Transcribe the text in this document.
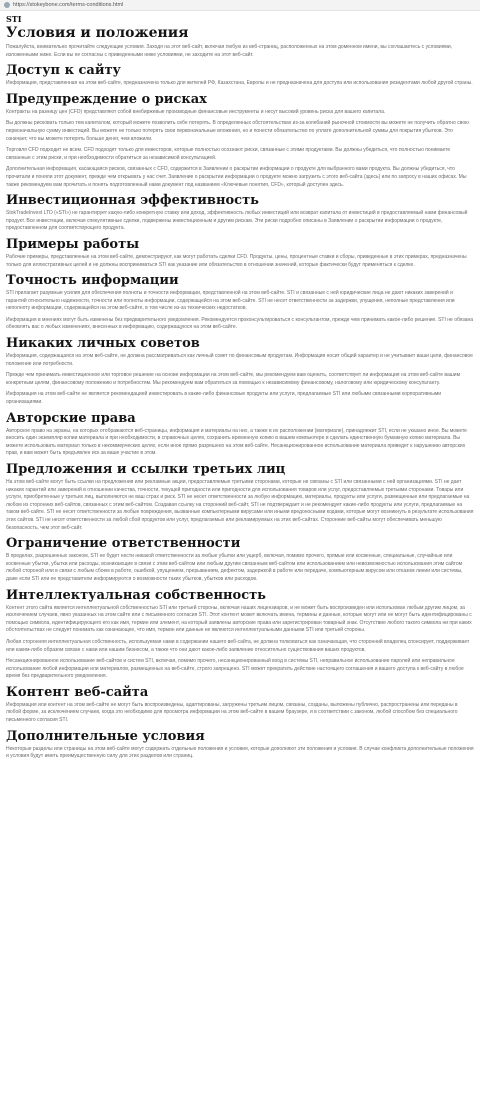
https://stokeybone.com/terms-conditions.html
STI
Условия и положения

Пожалуйста, внимательно прочитайте следующие условия. Заходя на этот веб-сайт, включая любую из веб-страниц, расположенных на этом доменном имени, вы соглашаетесь с условиями, изложенными ниже. Если вы не согласны с приведенными ниже условиями, не заходите на этот веб-сайт.

Доступ к сайту

Информация, представленная на этом веб-сайте, предназначена только для жителей РФ, Казахстана, Европы и не предназначена для доступа или использования резидентами любой другой страны.

Предупреждение о рисках

Контракты на разницу цен (CFD) представляют собой внебиржевые производные финансовые инструменты и несут высокий уровень риска для вашего капитала.

Вы должны рисковать только тем капиталом, который можете позволить себе потерять. В определенных обстоятельствах из-за колебаний рыночной стоимости вы можете не получить обратно свою первоначальную сумму инвестиций. Вы можете не только потерять свои первоначальные вложения, но и понести обязательство по уплате дополнительной суммы для покрытия убытков. Это означает, что вы можете потерять больше денег, чем вложили.

Торговля CFD подходит не всем. CFD подходят только для инвесторов, которые полностью осознают риски, связанные с этими продуктами. Вы должны убедиться, что полностью понимаете связанные с этим риски, и при необходимости обратиться за независимой консультацией.

Дополнительная информация, касающаяся рисков, связанных с CFD, содержится в Заявлении о раскрытии информации о продукте для выбранного вами продукта. Вы должны убедиться, что прочитали и поняли этот документ, прежде чем открывать у нас счет. Заявление о раскрытии информации о продукте можно загрузить с этого веб-сайта (здесь) или по запросу в наших офисах. Мы также рекомендуем вам прочитать и понять подготовленный нами документ под названием «Ключевые понятия, CFD», который доступен здесь.

Инвестиционная эффективность

StokTradeInvest LTD («STI») не гарантирует какую-либо конкретную ставку или доход, эффективность любых инвестиций или возврат капитала от инвестиций в предоставляемый нами финансовый продукт. Все инвестиции, включая спекулятивные сделки, подвержены инвестиционным и другим рискам. Эти риски подробно описаны в Заявлении о раскрытии информации о продукте, предоставленном для соответствующего продукта.

Примеры работы

Рабочие примеры, представленные на этом веб-сайте, демонстрируют, как могут работать сделки CFD. Продукты, цены, процентные ставки и сборы, приведенные в этих примерах, предназначены только для иллюстративных целей и не должны восприниматься STI как указание или обязательство в отношении значений, которые фактически будут применяться к сделке.

Точность информации

STI прилагает разумные усилия для обеспечения полноты и точности информации, представленной на этом веб-сайте. STI и связанные с ней юридические лица не дают никаких заверений и гарантий относительно надежности, точности или полноты информации, содержащейся на этом веб-сайте. STI не несет ответственности за задержки, упущения, неполные представления или неполноту информации, содержащейся на этом веб-сайте, в том числе из-за технических недостатков.

Информация в мнениях могут быть изменены без предварительного уведомления. Рекомендуется проконсультироваться с консультантом, прежде чем принимать какое-либо решение. STI не обязана обновлять вас о любых изменениях, внесенных в информацию, содержащуюся на этом веб-сайте.

Никаких личных советов

Информация, содержащаяся на этом веб-сайте, не должна рассматриваться как личный совет по финансовым продуктам. Информация носит общий характер и не учитывает ваши цели, финансовое положение или потребности.

Прежде чем принимать инвестиционное или торговое решение на основе информации на этом веб-сайте, мы рекомендуем вам оценить, соответствует ли информация на этом веб-сайте вашим конкретным целям, финансовому положению и потребностям. Мы рекомендуем вам обратиться за помощью к независимому финансовому, налоговому или юридическому консультанту.

Информация на этом веб-сайте не является рекомендацией инвестировать в какие-либо финансовые продукты или услуги, предлагаемые STI или любыми связанными корпоративными организациями.

Авторские права

Авторское право на экраны, на которых отображаются веб-страницы, информация и материалы на них, а также в их расположении (материале), принадлежит STI, если не указано иное. Вы можете вносить один экземпляр копии материала и при необходимости, в справочных целях, сохранить временную копию в вашем компьютере и сделать единственную бумажную копию материала. Вы можете использовать материал только в некоммерческих целях, если иное прямо разрешено на этом веб-сайте. Несанкционированное использование материала приведет к нарушению авторских прав, и вам может быть предъявлен иск за ваше участие в этом.

Предложения и ссылки третьих лиц

На этом веб-сайте могут быть ссылки на предложения или рекламные акции, предоставляемые третьими сторонами, которые не связаны с STI или связанными с ней организациями. STI не дает никаких гарантий или заверений в отношении качества, точности, текущей пригодности или пригодности для использования товаров или услуг, предоставляемых третьими сторонами. Товары или услуги, приобретенные у третьих лиц, выполняются не ваш страх и риск. STI не несет ответственности за любую информацию, материалы, продукты или услуги, размещенные или предлагаемые на любом из сторонних веб-сайтов, связанных с этим веб-сайтом. Создавая ссылку на сторонний веб-сайт, STI не подтверждает и не рекомендует какие-либо продукты или услуги, предлагаемые на таком веб-сайте. STI не несет ответственности за любые повреждения, вызванные компьютерными вирусами или иными вредоносными кодами, которые могут возникнуть в результате использования этих сайтов. STI не несет ответственности за любой сбой продуктов или услуг, предлагаемых или рекламируемых на этих веб-сайтах. Сторонние веб-сайты могут обеспечивать меньшую безопасность, чем этот веб-сайт.

Ограничение ответственности

В пределах, разрешенных законом, STI не будет нести никакой ответственности за любые убытки или ущерб, включая, помимо прочего, прямые или косвенные, специальные, случайные или косвенные убытки, убытки или расходы, возникающие в связи с этим веб-сайтом или любым другим связанным веб-сайтом или использованием или невозможностью использования этим сайтом любой стороной или в связи с любым сбоем в работе, ошибкой, упущением, прерыванием, дефектом, задержкой в работе или передаче, компьютерным вирусом или отказом линии или системы, даже если STI или ее представители информируются о возможности таких убытков, убытков или расходов.

Интеллектуальная собственность

Контент этого сайта является интеллектуальной собственностью STI или третьей стороны, включая наших лицензиаров, и не может быть воспроизведен или использован любым другим лицом, за исключением случаев, явно указанных на этом сайте или с письменного согласия STI. Этот контент может включать имена, термины и данные, которые могут или не могут быть идентифицированы с помощью символа, идентифицирующего его как имя, термин или элемент, на который заявлены авторские права или зарегистрирован товарный знак. Отсутствие любого такого символа ни при каких обстоятельствах не следует понимать как означающее, что имя, термин или данные не являются интеллектуальными данными STI или третьей стороны.

Любая сторонняя интеллектуальная собственность, используемая нами в содержании нашего веб-сайта, не должна толковаться как означающая, что сторонний владелец спонсирует, поддерживает или каким-либо образом связан с нами или нашим бизнесом, а также что они дают какое-либо заявление относительно существования ваших продуктов.

Несанкционированное использование веб-сайтов и систем STI, включая, помимо прочего, несанкционированный вход в системы STI, неправильное использование паролей или неправильное использование любой информации или материалов, размещенных на веб-сайте, строго запрещено. STI может прекратить действие настоящего соглашения и вашего доступа к веб-сайту в любое время без предварительного уведомления.

Контент веб-сайта

Информация или контент на этом веб-сайте не могут быть воспроизведены, адаптированы, загружены третьим лицом, связаны, созданы, выложены публично, распространены или переданы в любой форме, за исключением случаев, когда это необходимо для просмотра информации на этом веб-сайте в вашем браузере, и в соответствии с законом, любой способом без специального письменного согласия STI.

Дополнительные условия

Некоторые разделы или страницы на этом веб-сайте могут содержать отдельные положения и условия, которые дополняют эти положения и условия. В случае конфликта дополнительные положения и условия будут иметь преимущественную силу для этих разделов или страниц.
